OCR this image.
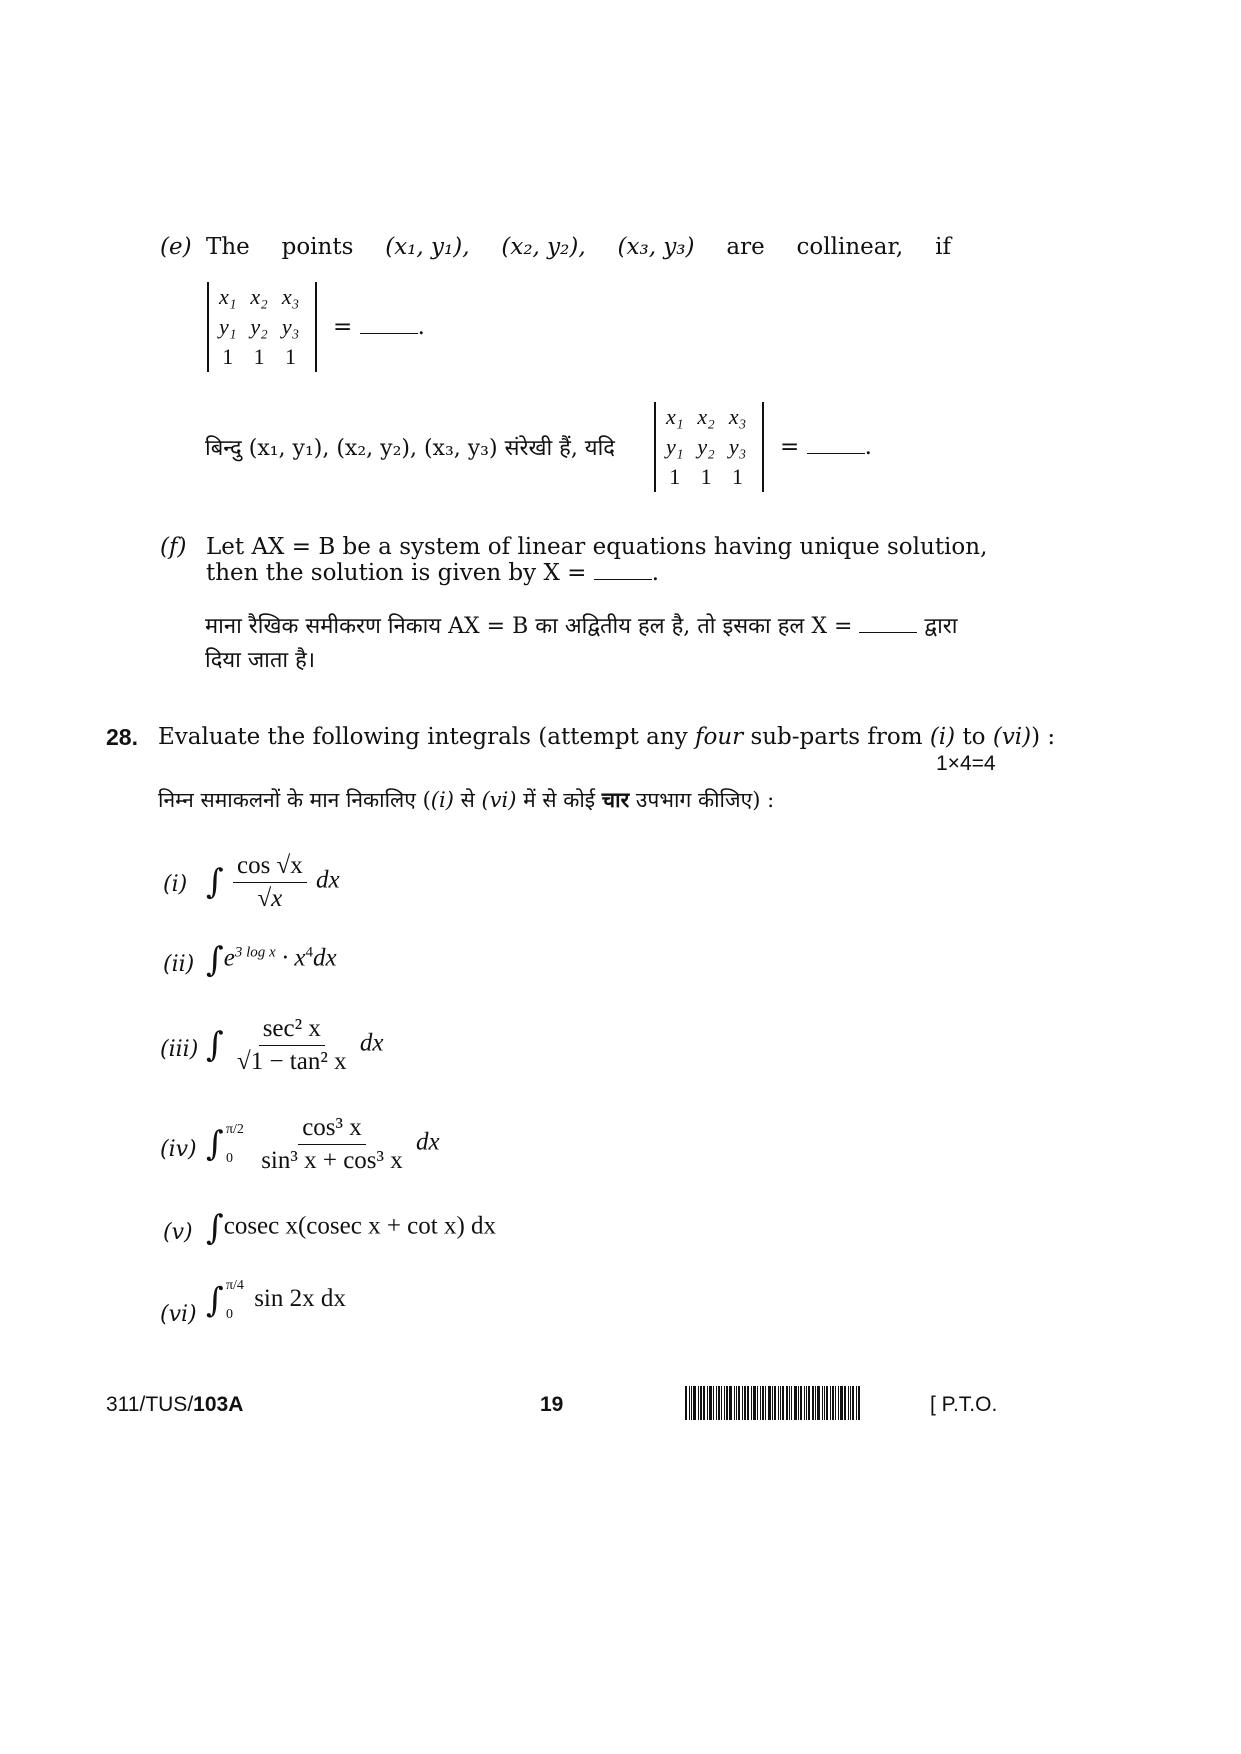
(e) The points (x₁, y₁), (x₂, y₂), (x₃, y₃) are collinear, if
x₁	x₂	x₃
y₁	y₂	y₃
1	1	1
=	.
बिन्दु (x₁, y₁), (x₂, y₂), (x₃, y₃) संरेखी हैं, यदि
x₁	x₂	x₃
y₁	y₂	y₃
1	1	1
=	.
(f) Let AX = B be a system of linear equations having unique solution,
then the solution is given by X =	.
माना रैखिक समीकरण निकाय AX = B का अद्वितीय हल है, तो इसका हल X =	द्वारा
दिया जाता है।
28. Evaluate the following integrals (attempt any four sub-parts from (i) to (vi)) :
1×4=4
निम्न समाकलनों के मान निकालिए ((i) से (vi) में से कोई चार उपभाग कीजिए) :
(i) ∫ $\frac{\cos √x}{√x}$ dx
(ii) $\int e^{3 log x} \cdot x^4dx$
(iii) ∫ $\frac{\text{sec² x}}{\text{√1 − tan² x}}$ dx
(iv) ∫ π/2
0
$\frac{\text{cos³ x}}{\text{sin³ x + cos³ x}}$ dx
(v) ∫cosec x(cosec x + cot x) dx
(vi) ∫ π/4
0
sin 2x dx
311/TUS/103A	19	[ P.T.O.
